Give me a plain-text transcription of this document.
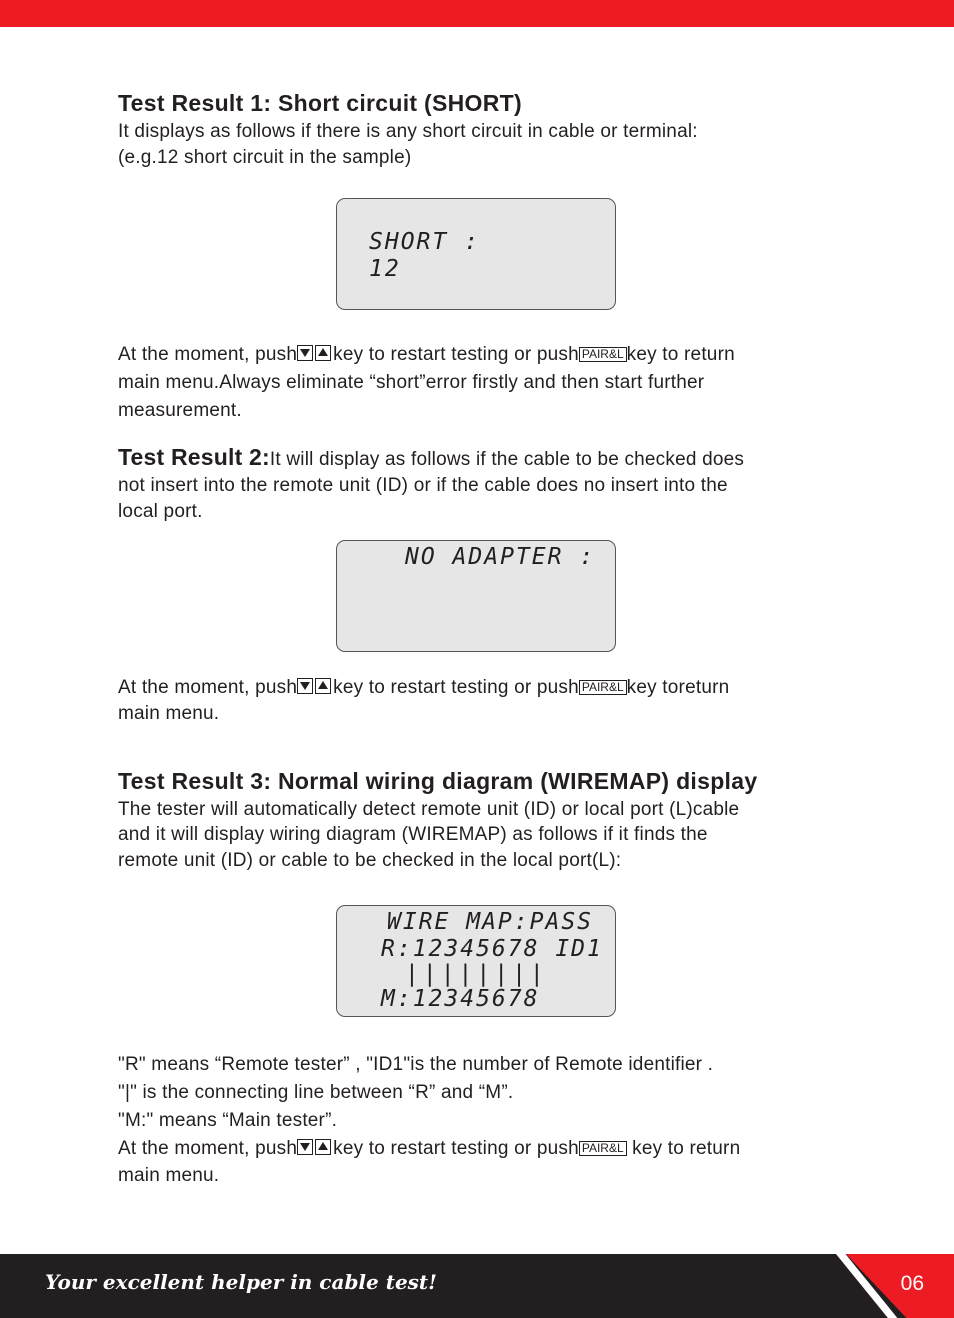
Test Result 1: Short circuit (SHORT)
It displays as follows if there is any short circuit in cable or terminal:
(e.g.12 short circuit in the sample)
At the moment, push key to restart testing or push PAIR&L key to return
main menu.Always eliminate “short”error firstly and then start further
measurement.
Test Result 2:It will display as follows if the cable to be checked does
not insert into the remote unit (ID) or if the cable does no insert into the
local port.
At the moment, push key to restart testing or push PAIR&L key toreturn
main menu.
Test Result 3: Normal wiring diagram (WIREMAP) display
The tester will automatically detect remote unit (ID) or local port (L)cable
and it will display wiring diagram (WIREMAP) as follows if it finds the
remote unit (ID) or cable to be checked in the local port(L):
"R" means “Remote tester” , "ID1"is the number of Remote identifier .
"|" is the connecting line between “R” and “M”.
"M:" means “Main tester”.
At the moment, push key to restart testing or push PAIR&L key to return
main menu.
SHORT :
12
NO ADAPTER :
WIRE MAP:PASS
R:12345678 ID1
||||||||
M:12345678
Your excellent helper in cable test!	06
